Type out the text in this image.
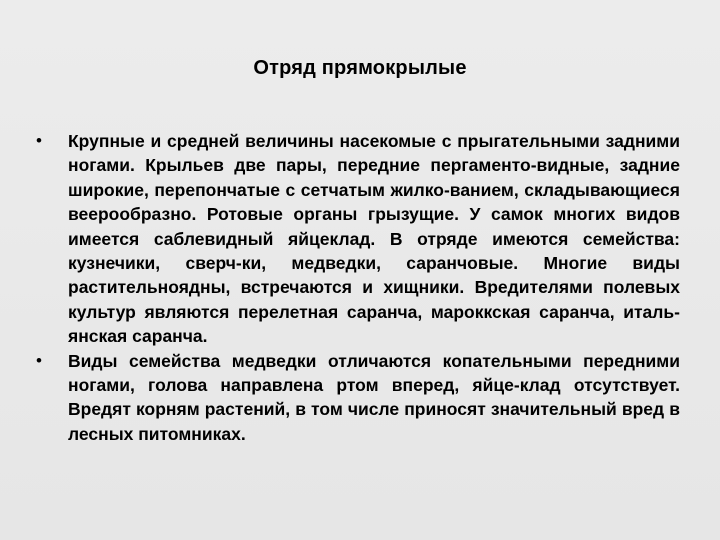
Отряд прямокрылые
• Крупные и средней величины насекомые с прыгательными задними ногами. Крыльев две пары, передние пергаменто-видные, задние широкие, перепончатые с сетчатым жилко-ванием, складывающиеся веерообразно. Ротовые органы грызущие. У самок многих видов имеется саблевидный яйцеклад. В отряде имеются семейства: кузнечики, сверч-ки, медведки, саранчовые. Многие виды растительноядны, встречаются и хищники. Вредителями полевых культур являются перелетная саранча, мароккская саранча, италь-янская саранча.
• Виды семейства медведки отличаются копательными передними ногами, голова направлена ртом вперед, яйце-клад отсутствует. Вредят корням растений, в том числе приносят значительный вред в лесных питомниках.
